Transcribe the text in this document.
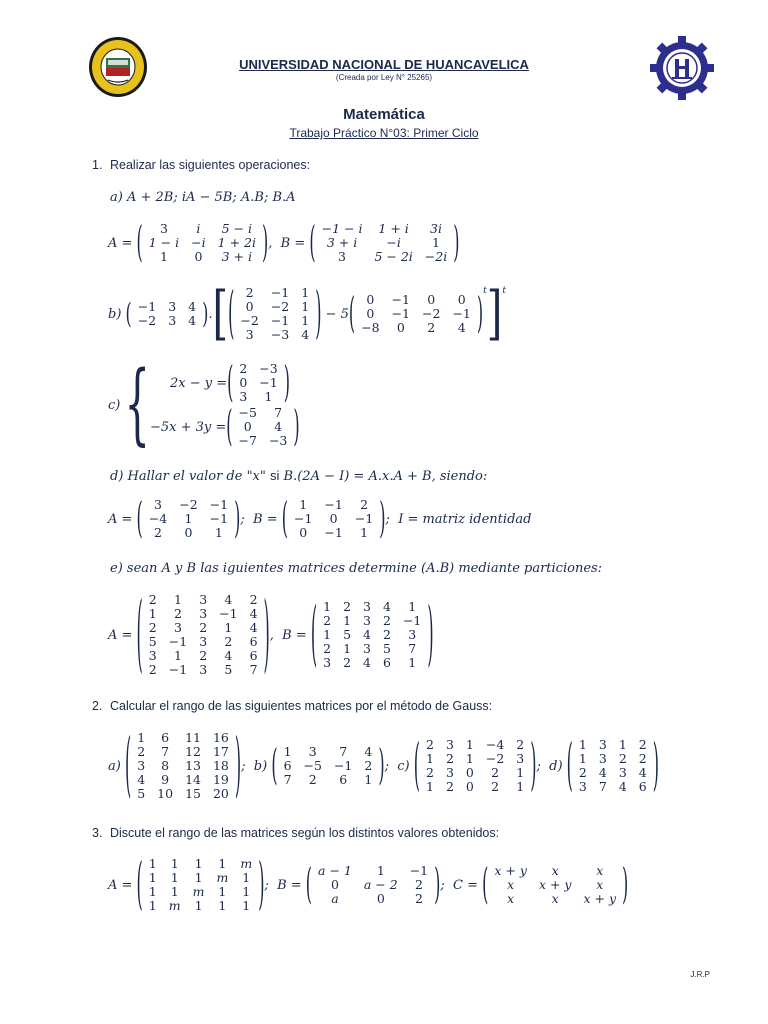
UNIVERSIDAD NACIONAL DE HUANCAVELICA
(Creada por Ley N° 25265)
Matemática
Trabajo Práctico N°03: Primer Ciclo
1. Realizar las siguientes operaciones:
a) A + 2B; iA − 5B; A.B; B.A
A = ( 3	i	5 − i
1 − i	−i	1 + 2i
1	0	3 + i ) ,  B = ( −1 − i	1 + i	3i
3 + i	−i	1
3	5 − 2i	−2i )
b) ( −1	3	4
−2	3	4 ) . [ ( 2	−1	1
0	−2	1
−2	−1	1
3	−3	4 ) − 5 ( 0	−1	0	0
0	−1	−2	−1
−8	0	2	4 ) t ] t
c) { 2x − y = ( 2	−3
0	−1
3	1 )
−5x + 3y = ( −5	7
0	4
−7	−3 )
d) Hallar el valor de "x" si B.(2A − I) = A.x.A + B, siendo:
A = ( 3	−2	−1
−4	1	−1
2	0	1 ) ;  B = ( 1	−1	2
−1	0	−1
0	−1	1 ) ; I = matriz identidad
e) sean A y B las iguientes matrices determine (A.B) mediante particiones:
A = ( 2	1	3	4	2
1	2	3	−1	4
2	3	2	1	4
5	−1	3	2	6
3	1	2	4	6
2	−1	3	5	7 ) ,  B = ( 1	2	3	4	1
2	1	3	2	−1
1	5	4	2	3
2	1	3	5	7
3	2	4	6	1 )
2. Calcular el rango de las siguientes matrices por el método de Gauss:
a) ( 1	6	11	16
2	7	12	17
3	8	13	18
4	9	14	19
5	10	15	20 ) ;  b) ( 1	3	7	4
6	−5	−1	2
7	2	6	1 ) ;  c) ( 2	3	1	−4	2
1	2	1	−2	3
2	3	0	2	1
1	2	0	2	1 ) ;  d) ( 1	3	1	2
1	3	2	2
2	4	3	4
3	7	4	6 )
3. Discute el rango de las matrices según los distintos valores obtenidos:
A = ( 1	1	1	1	m
1	1	1	m	1
1	1	m	1	1
1	m	1	1	1 ) ;  B = ( a − 1	1	−1
0	a − 2	2
a	0	2 ) ;  C = ( x + y	x	x
x	x + y	x
x	x	x + y )
J.R.P
